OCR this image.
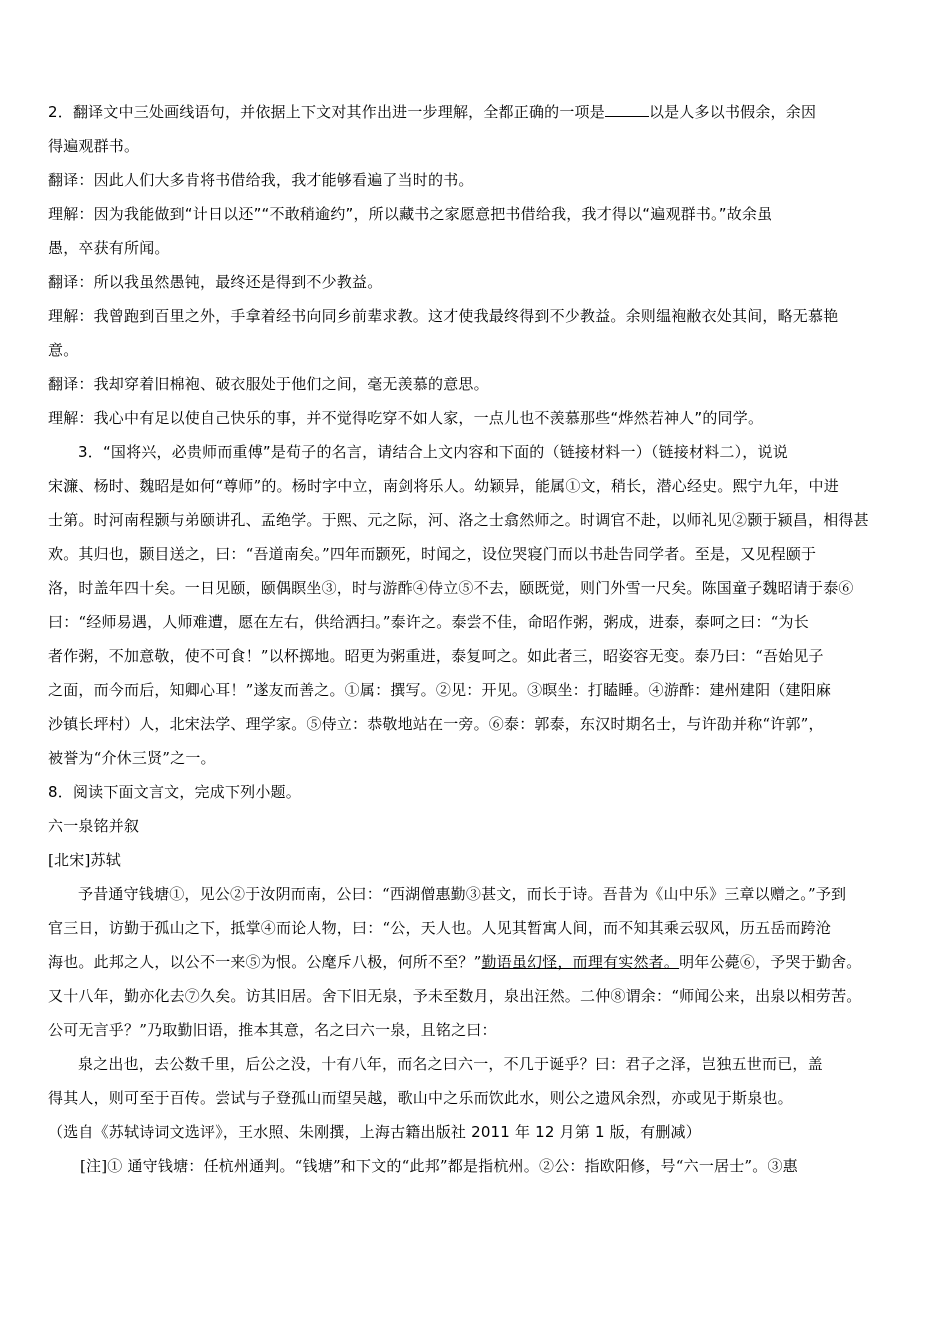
2．翻译文中三处画线语句，并依据上下文对其作出进一步理解，全都正确的一项是	以是人多以书假余，余因
得遍观群书。
翻译：因此人们大多肯将书借给我，我才能够看遍了当时的书。
理解：因为我能做到“计日以还”“不敢稍逾约”，所以藏书之家愿意把书借给我，我才得以“遍观群书。”故余虽
愚，卒获有所闻。
翻译：所以我虽然愚钝，最终还是得到不少教益。
理解：我曾跑到百里之外，手拿着经书向同乡前辈求教。这才使我最终得到不少教益。余则缊袍敝衣处其间，略无慕艳
意。
翻译：我却穿着旧棉袍、破衣服处于他们之间，毫无羡慕的意思。
理解：我心中有足以使自己快乐的事，并不觉得吃穿不如人家，一点儿也不羡慕那些“烨然若神人”的同学。
3．“国将兴，必贵师而重傅”是荀子的名言，请结合上文内容和下面的（链接材料一）（链接材料二），说说
宋濂、杨时、魏昭是如何“尊师”的。杨时字中立，南剑将乐人。幼颖异，能属①文，稍长，潜心经史。熙宁九年，中进
士第。时河南程颢与弟颐讲孔、孟绝学。于熙、元之际，河、洛之士翕然师之。时调官不赴，以师礼见②颢于颍昌，相得甚
欢。其归也，颢目送之，曰：“吾道南矣。”四年而颢死，时闻之，设位哭寝门而以书赴告同学者。至是，又见程颐于
洛，时盖年四十矣。一日见颐，颐偶瞑坐③，时与游酢④侍立⑤不去，颐既觉，则门外雪一尺矣。陈国童子魏昭请于泰⑥
曰：“经师易遇，人师难遭，愿在左右，供给洒扫。”泰许之。泰尝不佳，命昭作粥，粥成，进泰，泰呵之曰：“为长
者作粥，不加意敬，使不可食！”以杯掷地。昭更为粥重进，泰复呵之。如此者三，昭姿容无变。泰乃曰：“吾始见子
之面，而今而后，知卿心耳！”遂友而善之。①属：撰写。②见：开见。③暝坐：打瞌睡。④游酢：建州建阳（建阳麻
沙镇长坪村）人，北宋法学、理学家。⑤侍立：恭敬地站在一旁。⑥泰：郭泰，东汉时期名士，与许劭并称“许郭”，
被誉为“介休三贤”之一。
8．阅读下面文言文，完成下列小题。
六一泉铭并叙
[北宋]苏轼
予昔通守钱塘①，见公②于汝阴而南，公曰：“西湖僧惠勤③甚文，而长于诗。吾昔为《山中乐》三章以赠之。”予到
官三日，访勤于孤山之下，抵掌④而论人物，曰：“公，天人也。人见其暂寓人间，而不知其乘云驭风，历五岳而跨沧
海也。此邦之人，以公不一来⑤为恨。公麾斥八极，何所不至？”勤语虽幻怪，而理有实然者。明年公薨⑥，予哭于勤舍。
又十八年，勤亦化去⑦久矣。访其旧居。舍下旧无泉，予未至数月，泉出汪然。二仲⑧谓余：“师闻公来，出泉以相劳苦。
公可无言乎？”乃取勤旧语，推本其意，名之曰六一泉，且铭之曰：
泉之出也，去公数千里，后公之没，十有八年，而名之曰六一，不几于诞乎？曰：君子之泽，岂独五世而已，盖
得其人，则可至于百传。尝试与子登孤山而望吴越，歌山中之乐而饮此水，则公之遗风余烈，亦或见于斯泉也。
（选自《苏轼诗词文选评》，王水照、朱刚撰，上海古籍出版社 2011 年 12 月第 1 版，有删减）
[注]① 通守钱塘：任杭州通判。“钱塘”和下文的“此邦”都是指杭州。②公：指欧阳修，号“六一居士”。③惠
